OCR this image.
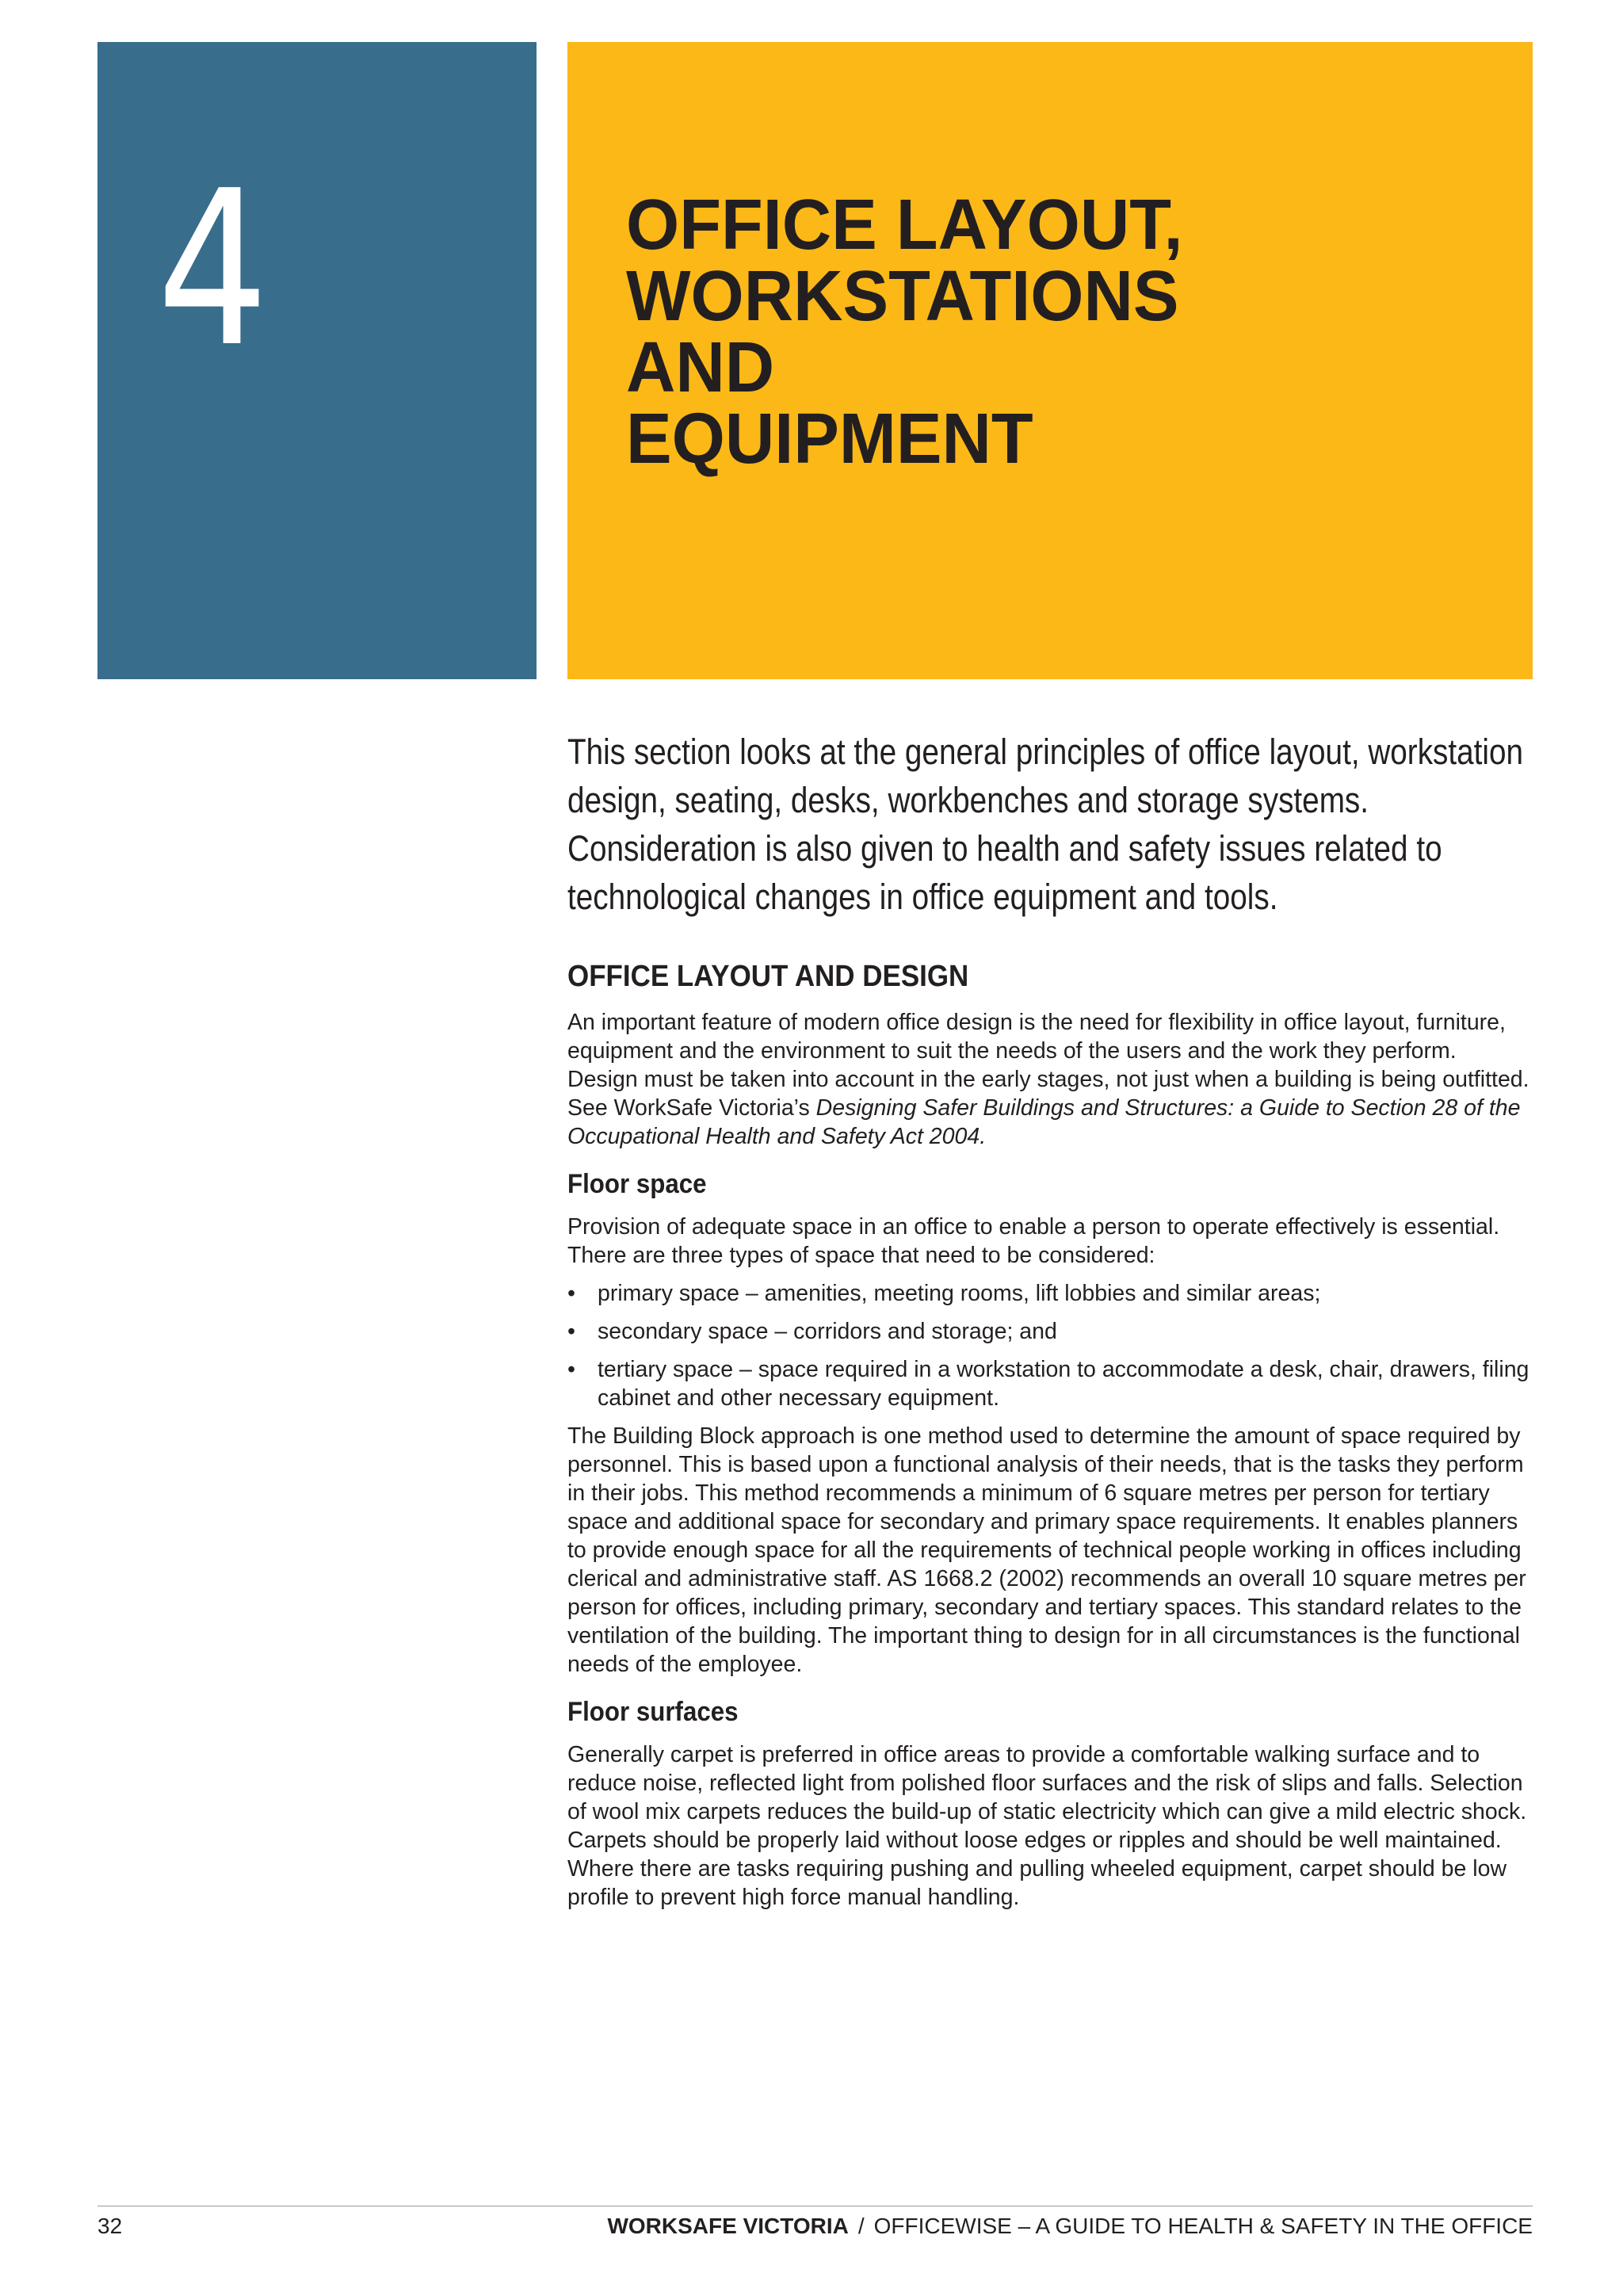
4	OFFICE LAYOUT,
WORKSTATIONS AND
EQUIPMENT

This section looks at the general principles of office layout, workstation design, seating, desks, workbenches and storage systems. Consideration is also given to health and safety issues related to technological changes in office equipment and tools.

OFFICE LAYOUT AND DESIGN

An important feature of modern office design is the need for flexibility in office layout, furniture, equipment and the environment to suit the needs of the users and the work they perform. Design must be taken into account in the early stages, not just when a building is being outfitted. See WorkSafe Victoria’s Designing Safer Buildings and Structures: a Guide to Section 28 of the Occupational Health and Safety Act 2004.

Floor space

Provision of adequate space in an office to enable a person to operate effectively is essential. There are three types of space that need to be considered:

• primary space – amenities, meeting rooms, lift lobbies and similar areas;
• secondary space – corridors and storage; and
• tertiary space – space required in a workstation to accommodate a desk, chair, drawers, filing cabinet and other necessary equipment.

The Building Block approach is one method used to determine the amount of space required by personnel. This is based upon a functional analysis of their needs, that is the tasks they perform in their jobs. This method recommends a minimum of 6 square metres per person for tertiary space and additional space for secondary and primary space requirements. It enables planners to provide enough space for all the requirements of technical people working in offices including clerical and administrative staff. AS 1668.2 (2002) recommends an overall 10 square metres per person for offices, including primary, secondary and tertiary spaces. This standard relates to the ventilation of the building. The important thing to design for in all circumstances is the functional needs of the employee.

Floor surfaces

Generally carpet is preferred in office areas to provide a comfortable walking surface and to reduce noise, reflected light from polished floor surfaces and the risk of slips and falls. Selection of wool mix carpets reduces the build-up of static electricity which can give a mild electric shock. Carpets should be properly laid without loose edges or ripples and should be well maintained. Where there are tasks requiring pushing and pulling wheeled equipment, carpet should be low profile to prevent high force manual handling.

32	WORKSAFE VICTORIA / OFFICEWISE – A GUIDE TO HEALTH & SAFETY IN THE OFFICE
